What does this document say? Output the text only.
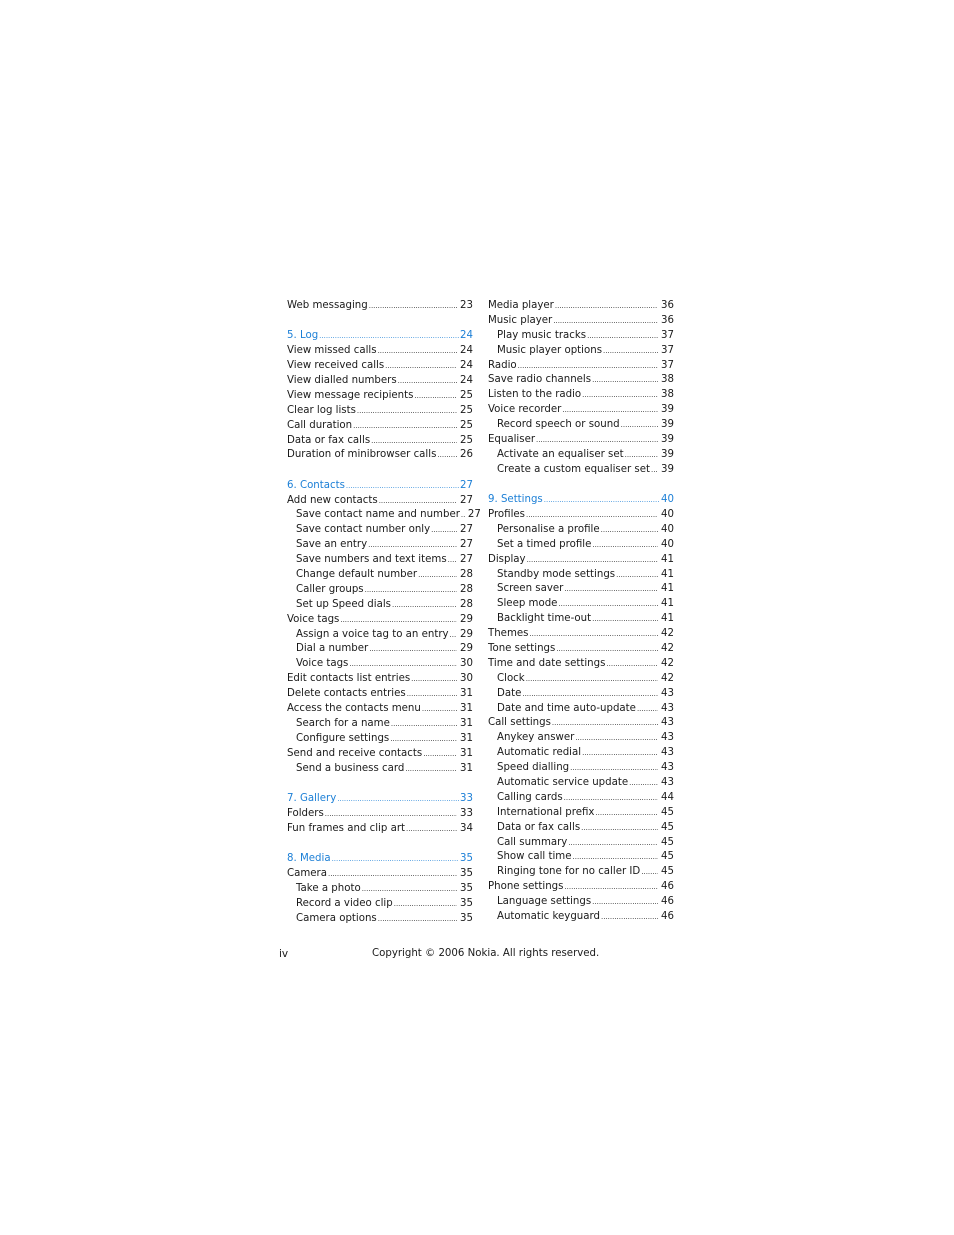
Web messaging .....	23
5. Log .....	24
View missed calls .....	24
View received calls .....	24
View dialled numbers .....	24
View message recipients .....	25
Clear log lists .....	25
Call duration .....	25
Data or fax calls .....	25
Duration of minibrowser calls ..... 26
6. Contacts .....	27
Add new contacts .....	27
Save contact name and number ..... 27
Save contact number only .....	27
Save an entry .....	27
Save numbers and text items ..... 27
Change default number .....	28
Caller groups .....	28
Set up Speed dials .....	28
Voice tags .....	29
Assign a voice tag to an entry ..... 29
Dial a number .....	29
Voice tags .....	30
Edit contacts list entries .....	30
Delete contacts entries .....	31
Access the contacts menu .....	31
Search for a name .....	31
Configure settings .....	31
Send and receive contacts .....	31
Send a business card .....	31
7. Gallery .....	33
Folders .....	33
Fun frames and clip art .....	34
8. Media .....	35
Camera .....	35
Take a photo .....	35
Record a video clip .....	35
Camera options .....	35
Media player .....	36
Music player .....	36
Play music tracks .....	37
Music player options .....	37
Radio .....	37
Save radio channels .....	38
Listen to the radio .....	38
Voice recorder .....	39
Record speech or sound .....	39
Equaliser .....	39
Activate an equaliser set .....	39
Create a custom equaliser set ..... 39
9. Settings .....	40
Profiles .....	40
Personalise a profile .....	40
Set a timed profile .....	40
Display .....	41
Standby mode settings .....	41
Screen saver .....	41
Sleep mode .....	41
Backlight time-out .....	41
Themes .....	42
Tone settings .....	42
Time and date settings .....	42
Clock .....	42
Date .....	43
Date and time auto-update ..... 43
Call settings .....	43
Anykey answer .....	43
Automatic redial .....	43
Speed dialling .....	43
Automatic service update .....	43
Calling cards .....	44
International prefix .....	45
Data or fax calls .....	45
Call summary .....	45
Show call time .....	45
Ringing tone for no caller ID ..... 45
Phone settings .....	46
Language settings .....	46
Automatic keyguard .....	46
iv	Copyright © 2006 Nokia. All rights reserved.
